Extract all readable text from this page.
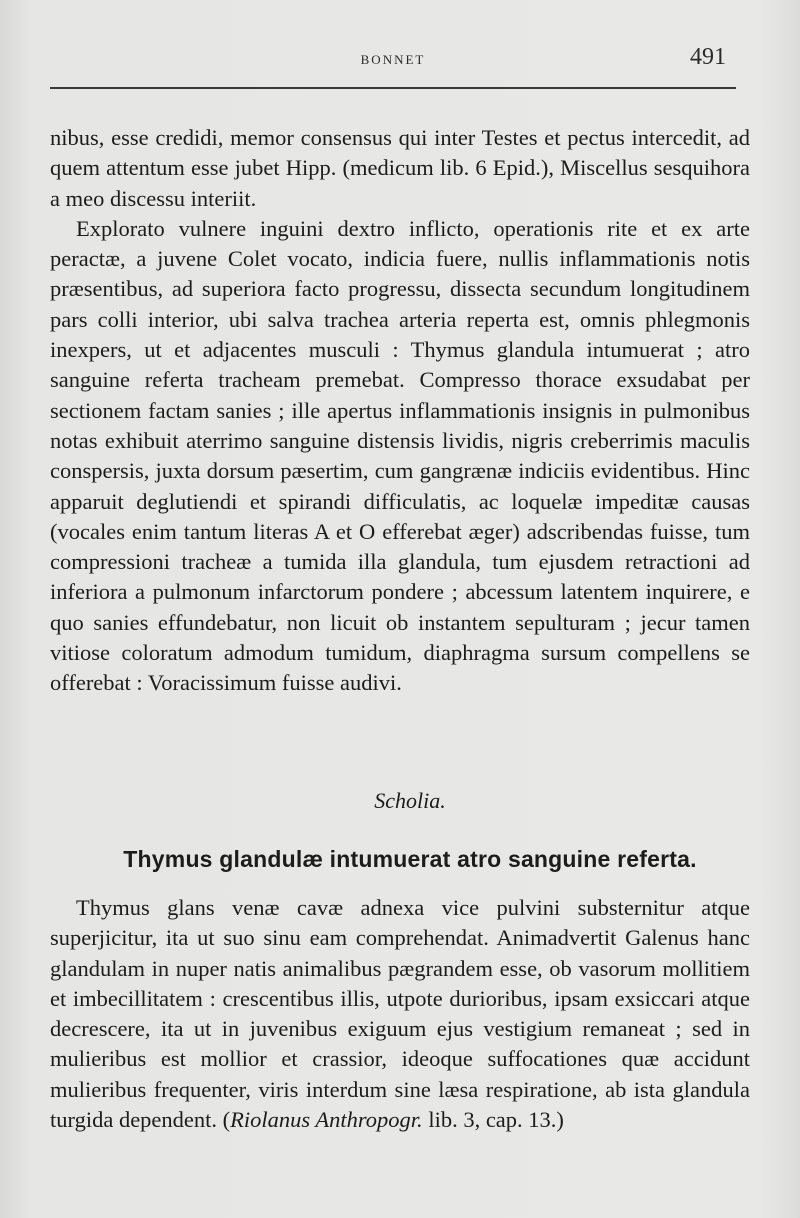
BONNET	491

nibus, esse credidi, memor consensus qui inter Testes et pectus intercedit, ad quem attentum esse jubet Hipp. (medicum lib. 6 Epid.), Miscellus sesquihora a meo discessu interiit.

Explorato vulnere inguini dextro inflicto, operationis rite et ex arte peractæ, a juvene Colet vocato, indicia fuere, nullis inflammationis notis præsentibus, ad superiora facto progressu, dissecta secundum longitudinem pars colli interior, ubi salva trachea arteria reperta est, omnis phlegmonis inexpers, ut et adjacentes musculi : Thymus glandula intumuerat ; atro sanguine referta tracheam premebat. Compresso thorace exsudabat per sectionem factam sanies ; ille apertus inflammationis insignis in pulmonibus notas exhibuit aterrimo sanguine distensis lividis, nigris creberrimis maculis conspersis, juxta dorsum pæsertim, cum gangrænæ indiciis evidentibus. Hinc apparuit deglutiendi et spirandi difficulatis, ac loquelæ impeditæ causas (vocales enim tantum literas A et O efferebat æger) adscribendas fuisse, tum compressioni tracheæ a tumida illa glandula, tum ejusdem retractioni ad inferiora a pulmonum infarctorum pondere ; abcessum latentem inquirere, e quo sanies effundebatur, non licuit ob instantem sepulturam ; jecur tamen vitiose coloratum admodum tumidum, diaphragma sursum compellens se offerebat : Voracissimum fuisse audivi.

Scholia.
Thymus glandulæ intumuerat atro sanguine referta.

Thymus glans venæ cavæ adnexa vice pulvini substernitur atque superjicitur, ita ut suo sinu eam comprehendat. Animadvertit Galenus hanc glandulam in nuper natis animalibus pægrandem esse, ob vasorum mollitiem et imbecillitatem : crescentibus illis, utpote durioribus, ipsam exsiccari atque decrescere, ita ut in juvenibus exiguum ejus vestigium remaneat ; sed in mulieribus est mollior et crassior, ideoque suffocationes quæ accidunt mulieribus frequenter, viris interdum sine læsa respiratione, ab ista glandula turgida dependent. (Riolanus Anthropogr. lib. 3, cap. 13.)
